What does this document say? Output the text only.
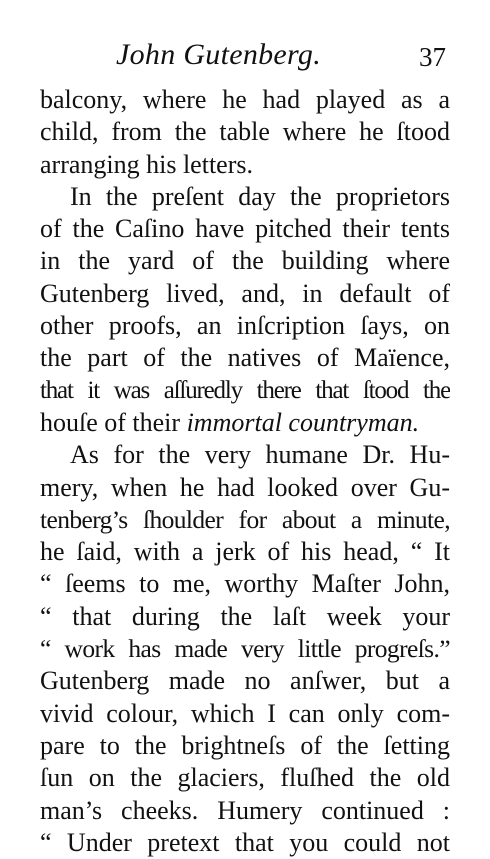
John Gutenberg.	37
balcony, where he had played as a
child, from the table where he ſtood
arranging his letters.
In the preſent day the proprietors
of the Caſino have pitched their tents
in the yard of the building where
Gutenberg lived, and, in default of
other proofs, an inſcription ſays, on
the part of the natives of Maïence,
that it was aſſuredly there that ſtood the
houſe of their immortal countryman.
As for the very humane Dr. Hu-
mery, when he had looked over Gu-
tenberg’s ſhoulder for about a minute,
he ſaid, with a jerk of his head, “ It
“ ſeems to me, worthy Maſter John,
“ that during the laſt week your
“ work has made very little progreſs.”
Gutenberg made no anſwer, but a
vivid colour, which I can only com-
pare to the brightneſs of the ſetting
ſun on the glaciers, fluſhed the old
man’s cheeks. Humery continued :
“ Under pretext that you could not
